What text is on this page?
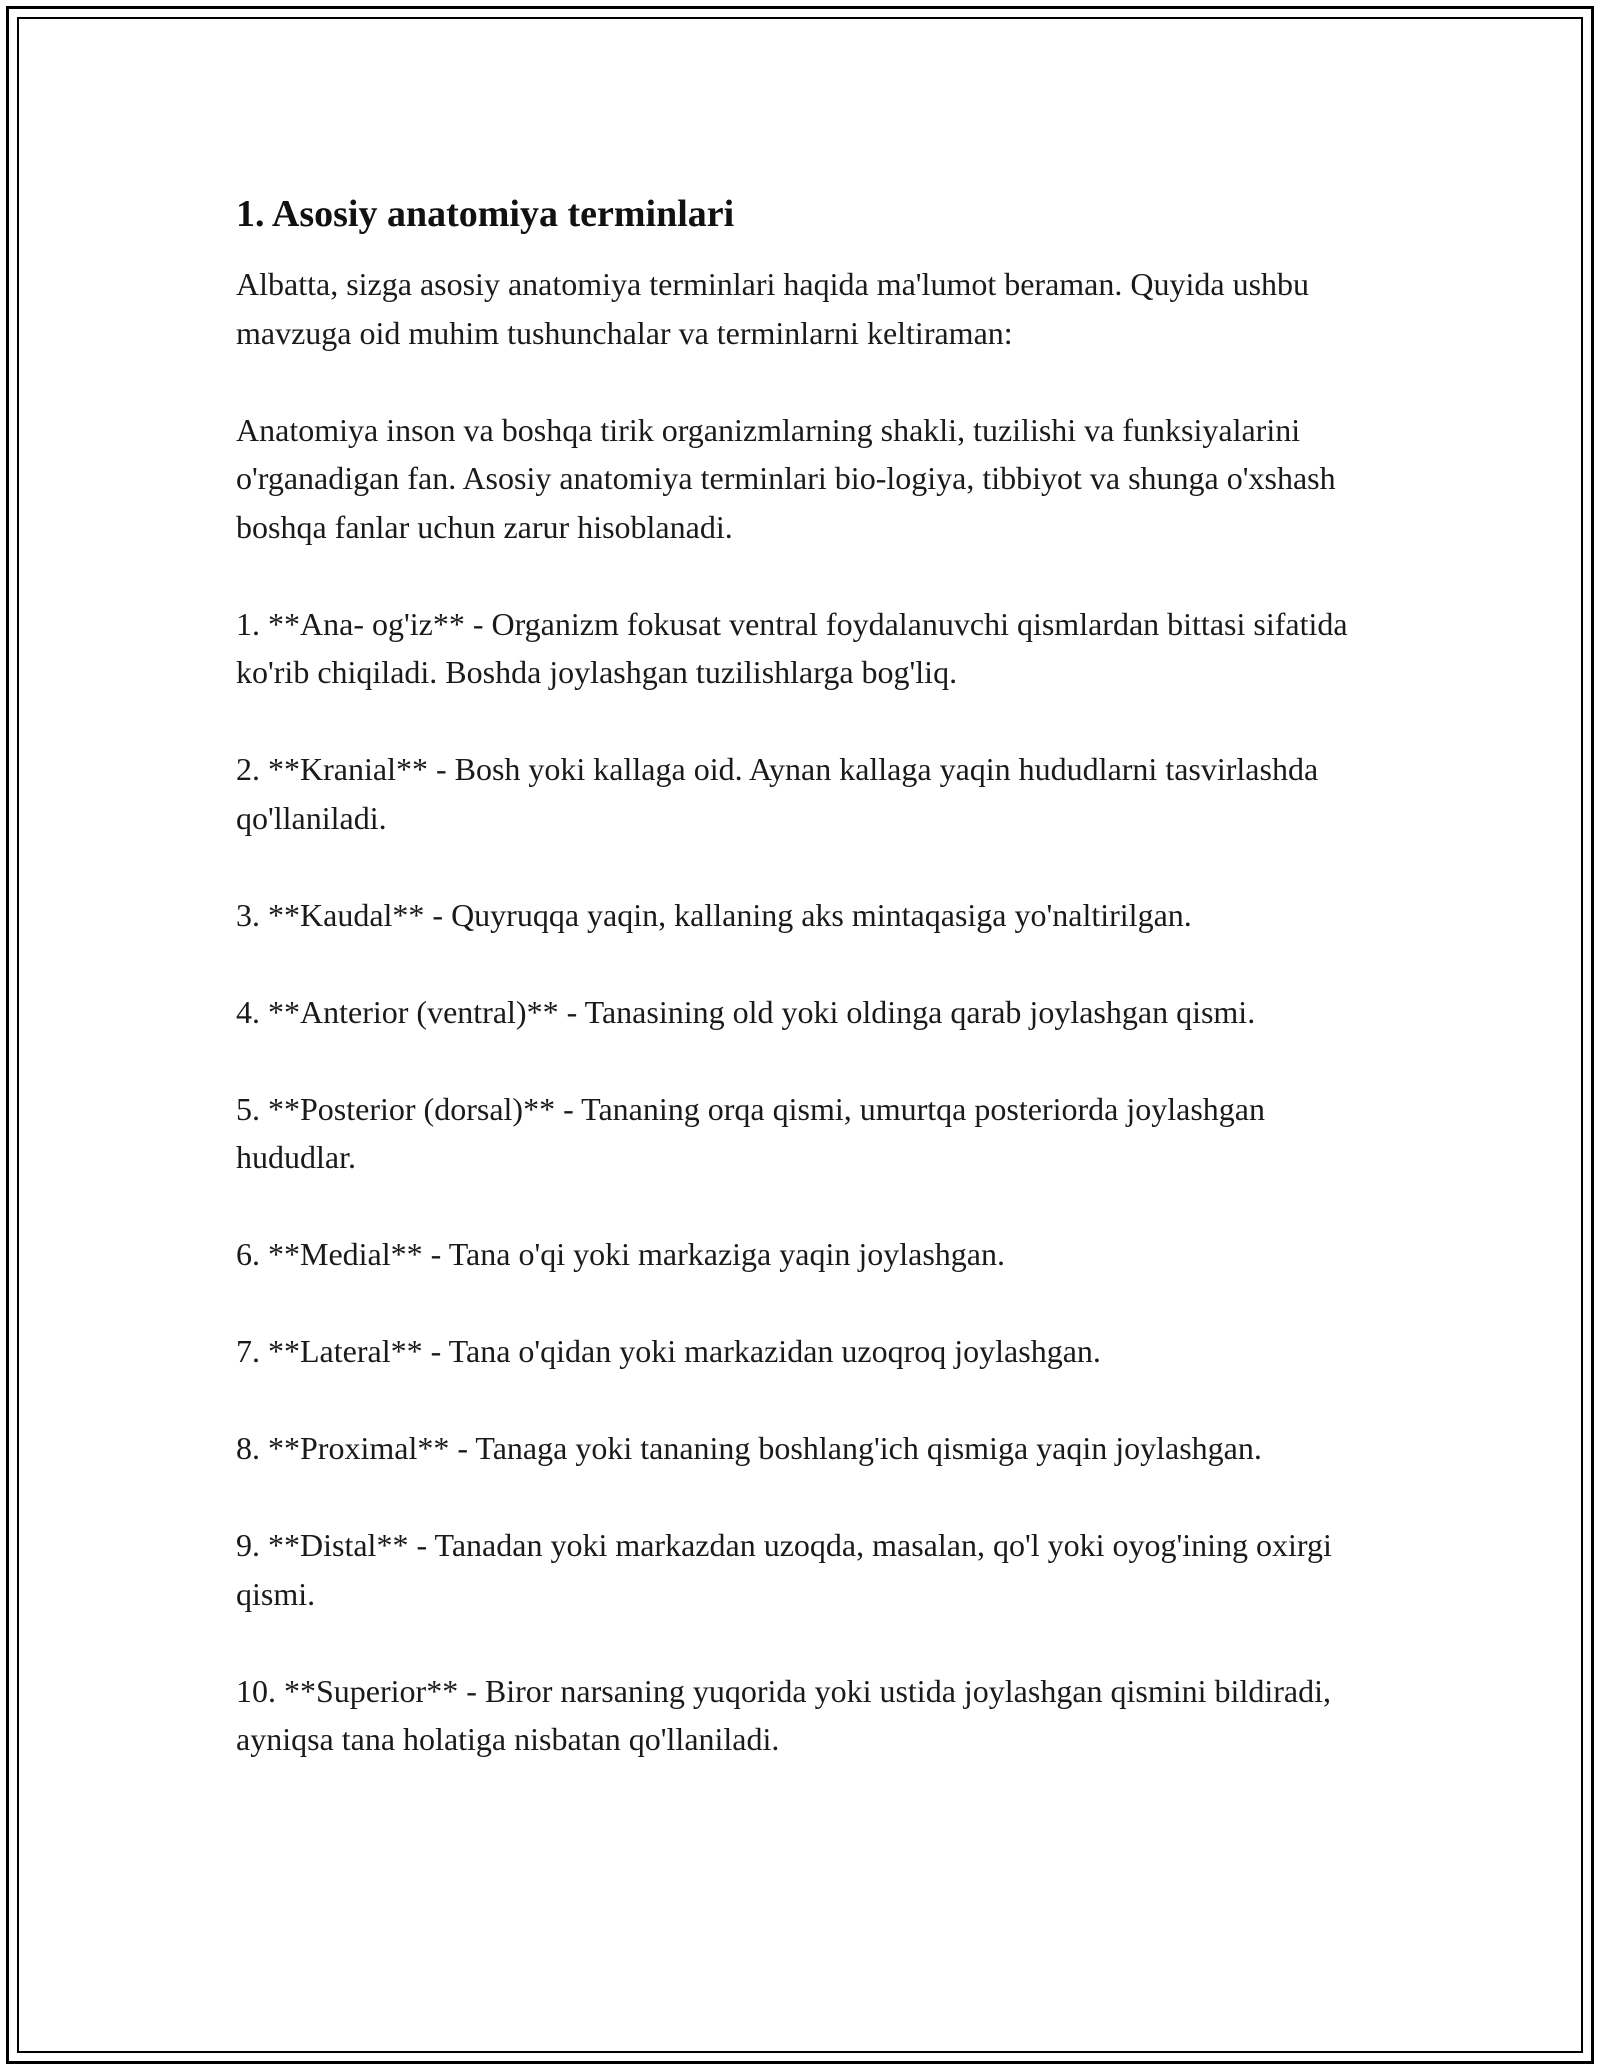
1. Asosiy anatomiya terminlari

Albatta, sizga asosiy anatomiya terminlari haqida ma'lumot beraman. Quyida ushbu mavzuga oid muhim tushunchalar va terminlarni keltiraman:

Anatomiya inson va boshqa tirik organizmlarning shakli, tuzilishi va funksiyalarini o'rganadigan fan. Asosiy anatomiya terminlari bio-logiya, tibbiyot va shunga o'xshash boshqa fanlar uchun zarur hisoblanadi.

1. **Ana- og'iz** - Organizm fokusat ventral foydalanuvchi qismlardan bittasi sifatida ko'rib chiqiladi. Boshda joylashgan tuzilishlarga bog'liq.

2. **Kranial** - Bosh yoki kallaga oid. Aynan kallaga yaqin hududlarni tasvirlashda qo'llaniladi.

3. **Kaudal** - Quyruqqa yaqin, kallaning aks mintaqasiga yo'naltirilgan.

4. **Anterior (ventral)** - Tanasining old yoki oldinga qarab joylashgan qismi.

5. **Posterior (dorsal)** - Tananing orqa qismi, umurtqa posteriorda joylashgan hududlar.

6. **Medial** - Tana o'qi yoki markaziga yaqin joylashgan.

7. **Lateral** - Tana o'qidan yoki markazidan uzoqroq joylashgan.

8. **Proximal** - Tanaga yoki tananing boshlang'ich qismiga yaqin joylashgan.

9. **Distal** - Tanadan yoki markazdan uzoqda, masalan, qo'l yoki oyog'ining oxirgi qismi.

10. **Superior** - Biror narsaning yuqorida yoki ustida joylashgan qismini bildiradi, ayniqsa tana holatiga nisbatan qo'llaniladi.
